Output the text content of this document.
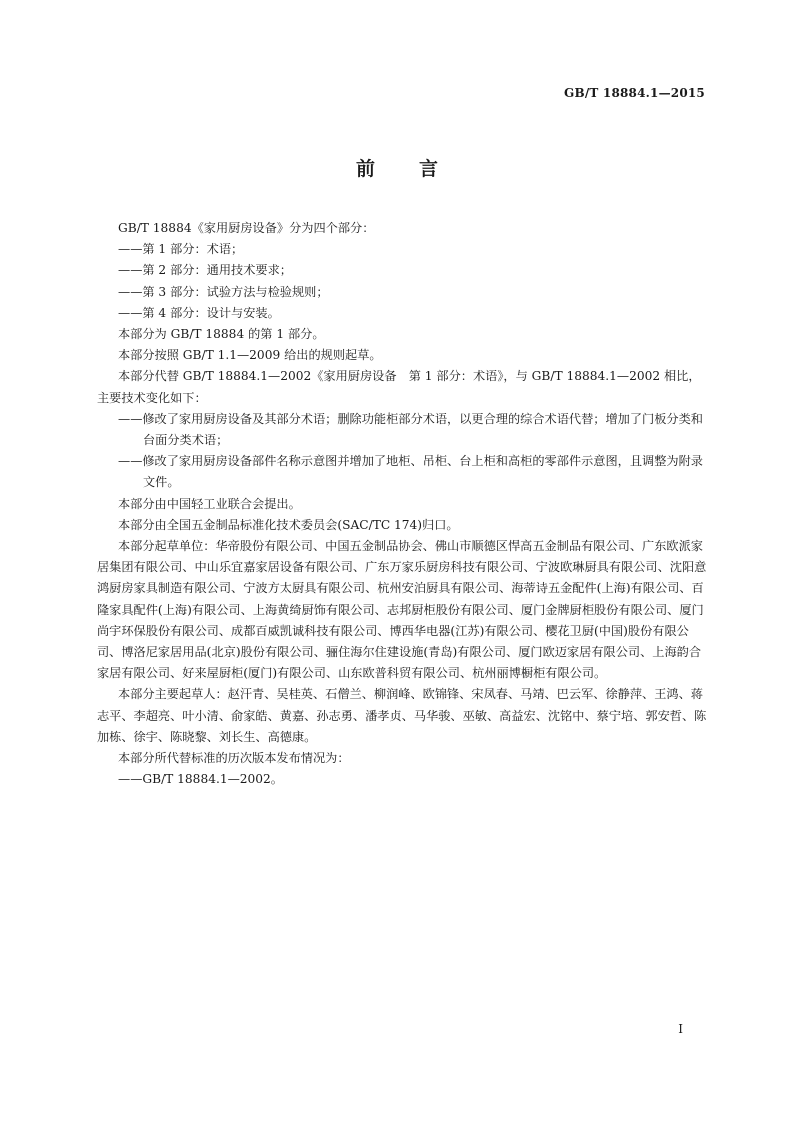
GB/T 18884.1—2015
前言

GB/T 18884《家用厨房设备》分为四个部分：

——第 1 部分：术语；

——第 2 部分：通用技术要求；

——第 3 部分：试验方法与检验规则；

——第 4 部分：设计与安装。

本部分为 GB/T 18884 的第 1 部分。

本部分按照 GB/T 1.1—2009 给出的规则起草。

本部分代替 GB/T 18884.1—2002《家用厨房设备　第 1 部分：术语》，与 GB/T 18884.1—2002 相比，主要技术变化如下：

——修改了家用厨房设备及其部分术语；删除功能柜部分术语，以更合理的综合术语代替；增加了门板分类和台面分类术语；

——修改了家用厨房设备部件名称示意图并增加了地柜、吊柜、台上柜和高柜的零部件示意图，且调整为附录文件。

本部分由中国轻工业联合会提出。

本部分由全国五金制品标准化技术委员会(SAC/TC 174)归口。

本部分起草单位：华帝股份有限公司、中国五金制品协会、佛山市顺德区悍高五金制品有限公司、广东欧派家居集团有限公司、中山乐宜嘉家居设备有限公司、广东万家乐厨房科技有限公司、宁波欧琳厨具有限公司、沈阳意鸿厨房家具制造有限公司、宁波方太厨具有限公司、杭州安泊厨具有限公司、海蒂诗五金配件(上海)有限公司、百隆家具配件(上海)有限公司、上海黄绮厨饰有限公司、志邦厨柜股份有限公司、厦门金牌厨柜股份有限公司、厦门尚宇环保股份有限公司、成都百威凯诚科技有限公司、博西华电器(江苏)有限公司、樱花卫厨(中国)股份有限公司、博洛尼家居用品(北京)股份有限公司、骊住海尔住建设施(青岛)有限公司、厦门欧迈家居有限公司、上海韵合家居有限公司、好来屋厨柜(厦门)有限公司、山东欧普科贸有限公司、杭州丽博橱柜有限公司。

本部分主要起草人：赵汗青、吴桂英、石僧兰、柳润峰、欧锦锋、宋凤春、马靖、巴云军、徐静萍、王鸿、蒋志平、李超亮、叶小清、俞家皓、黄嘉、孙志勇、潘孝贞、马华骏、巫敏、高益宏、沈铭中、蔡宁培、郭安哲、陈加栋、徐宇、陈晓黎、刘长生、高德康。

本部分所代替标准的历次版本发布情况为：

——GB/T 18884.1—2002。

I
